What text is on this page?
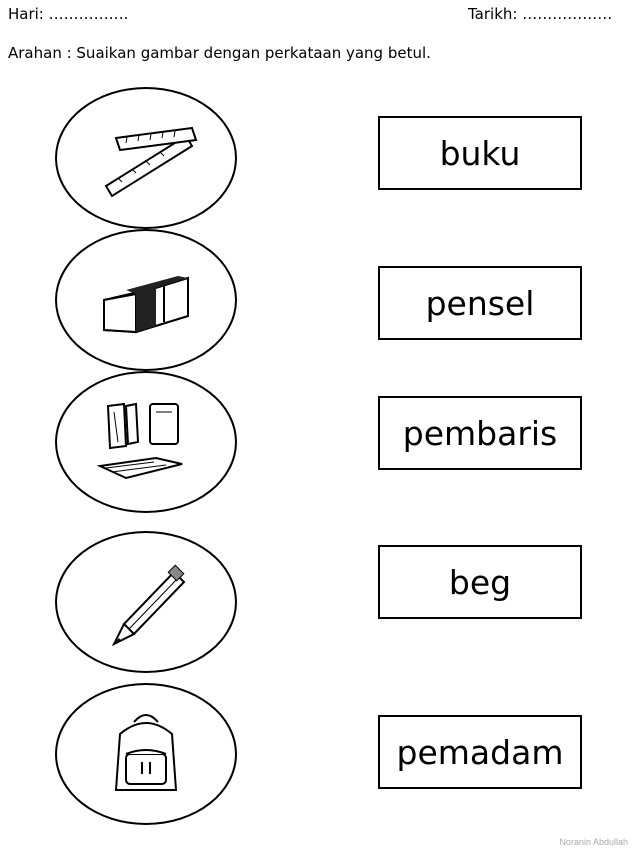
Hari: …………….	Tarikh: ………………
Arahan : Suaikan gambar dengan perkataan yang betul.
buku
pensel
pembaris
beg
pemadam
Noranin Abdullah
